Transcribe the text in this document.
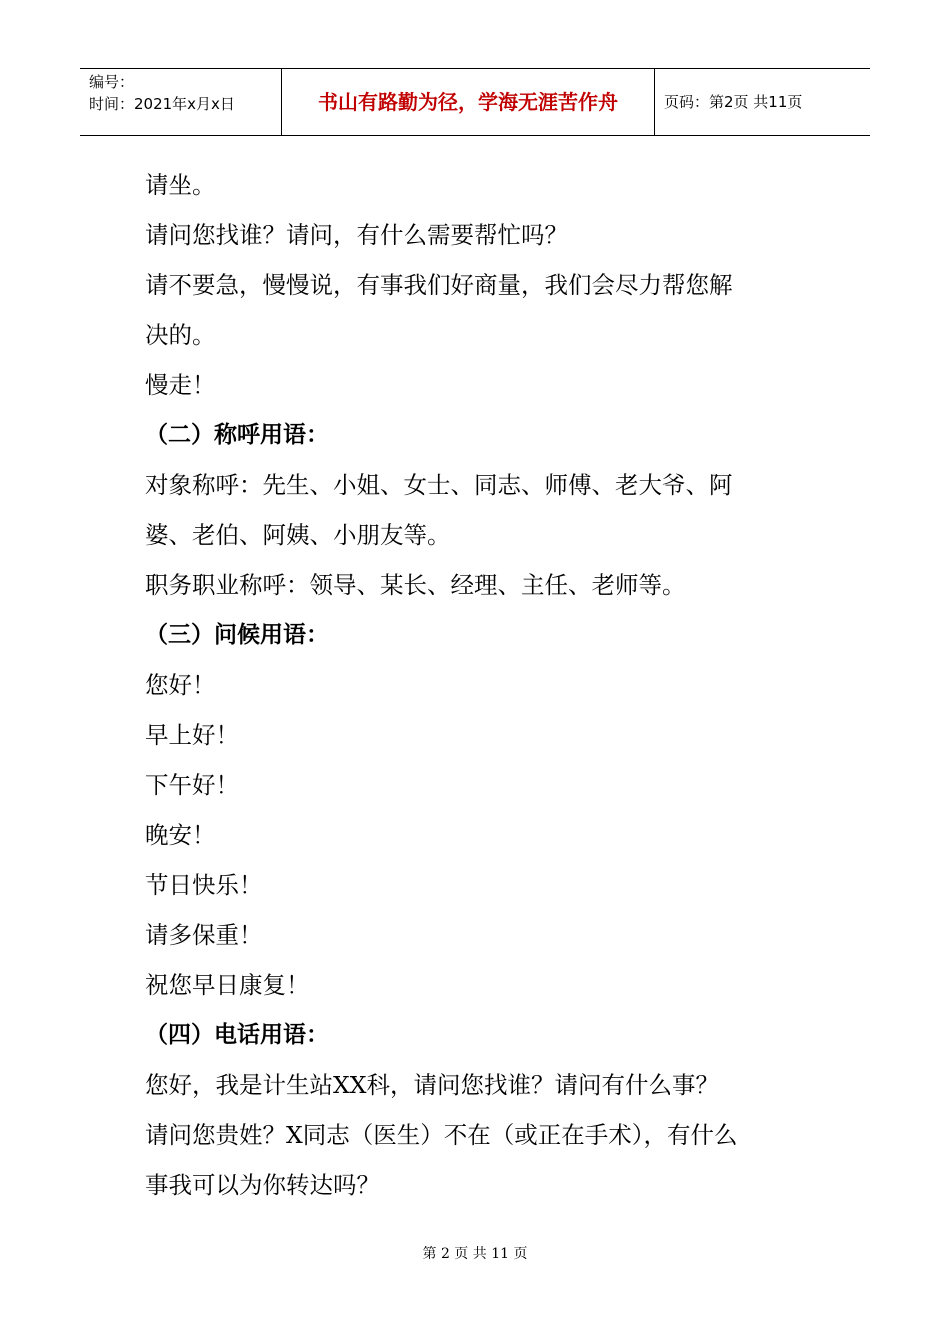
编号：
时间：2021年x月x日	书山有路勤为径，学海无涯苦作舟	页码：第2页 共11页
请坐。
请问您找谁？请问，有什么需要帮忙吗？
请不要急，慢慢说，有事我们好商量，我们会尽力帮您解
决的。
慢走！
（二）称呼用语：
对象称呼：先生、小姐、女士、同志、师傅、老大爷、阿
婆、老伯、阿姨、小朋友等。
职务职业称呼：领导、某长、经理、主任、老师等。
（三）问候用语：
您好！
早上好！
下午好！
晚安！
节日快乐！
请多保重！
祝您早日康复！
（四）电话用语：
您好，我是计生站XX科，请问您找谁？请问有什么事？
请问您贵姓？X同志（医生）不在（或正在手术），有什么
事我可以为你转达吗？
第 2 页 共 11 页
